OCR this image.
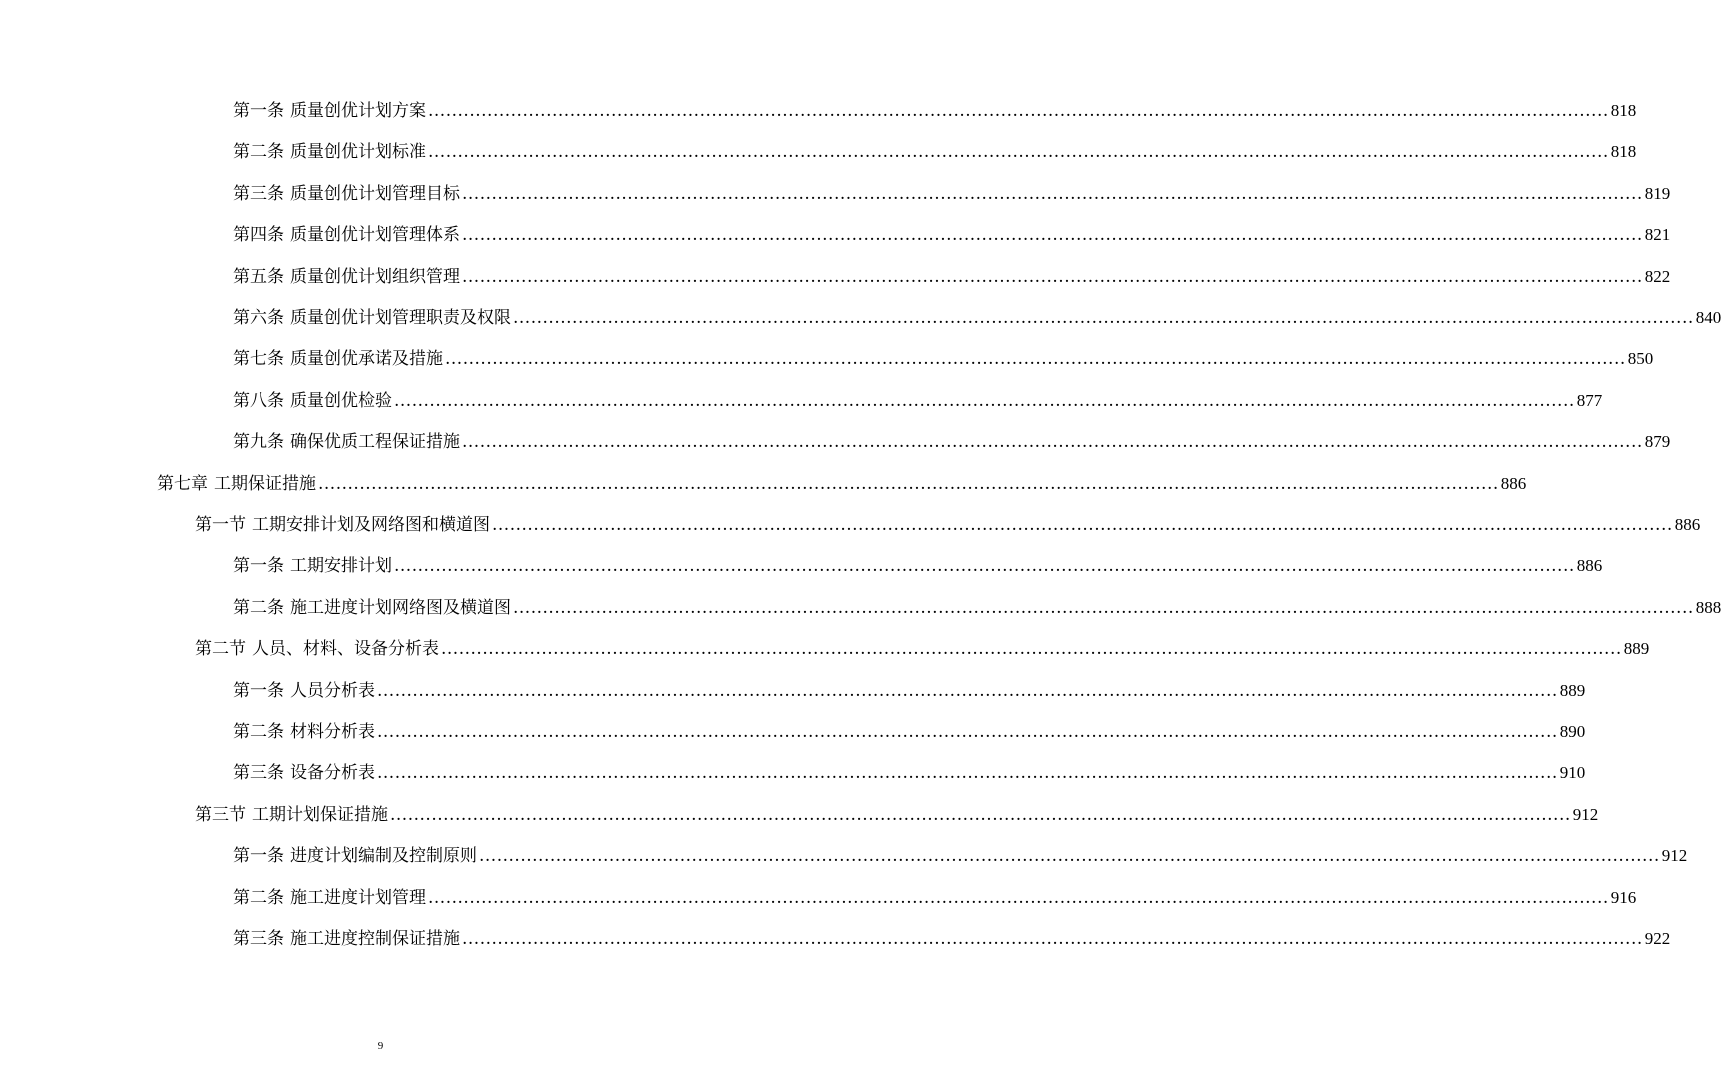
第一条 质量创优计划方案 ........................................................................................................................................................................................................ 818
第二条 质量创优计划标准 ........................................................................................................................................................................................................ 818
第三条 质量创优计划管理目标 ........................................................................................................................................................................................................ 819
第四条 质量创优计划管理体系 ........................................................................................................................................................................................................ 821
第五条 质量创优计划组织管理 ........................................................................................................................................................................................................ 822
第六条 质量创优计划管理职责及权限 ........................................................................................................................................................................................................ 840
第七条 质量创优承诺及措施 ........................................................................................................................................................................................................ 850
第八条 质量创优检验 ........................................................................................................................................................................................................ 877
第九条 确保优质工程保证措施 ........................................................................................................................................................................................................ 879
第七章 工期保证措施 ........................................................................................................................................................................................................ 886
第一节 工期安排计划及网络图和横道图 ........................................................................................................................................................................................................ 886
第一条 工期安排计划 ........................................................................................................................................................................................................ 886
第二条 施工进度计划网络图及横道图 ........................................................................................................................................................................................................ 888
第二节 人员、材料、设备分析表 ........................................................................................................................................................................................................ 889
第一条 人员分析表 ........................................................................................................................................................................................................ 889
第二条 材料分析表 ........................................................................................................................................................................................................ 890
第三条 设备分析表 ........................................................................................................................................................................................................ 910
第三节 工期计划保证措施 ........................................................................................................................................................................................................ 912
第一条 进度计划编制及控制原则 ........................................................................................................................................................................................................ 912
第二条 施工进度计划管理 ........................................................................................................................................................................................................ 916
第三条 施工进度控制保证措施 ........................................................................................................................................................................................................ 922
9
